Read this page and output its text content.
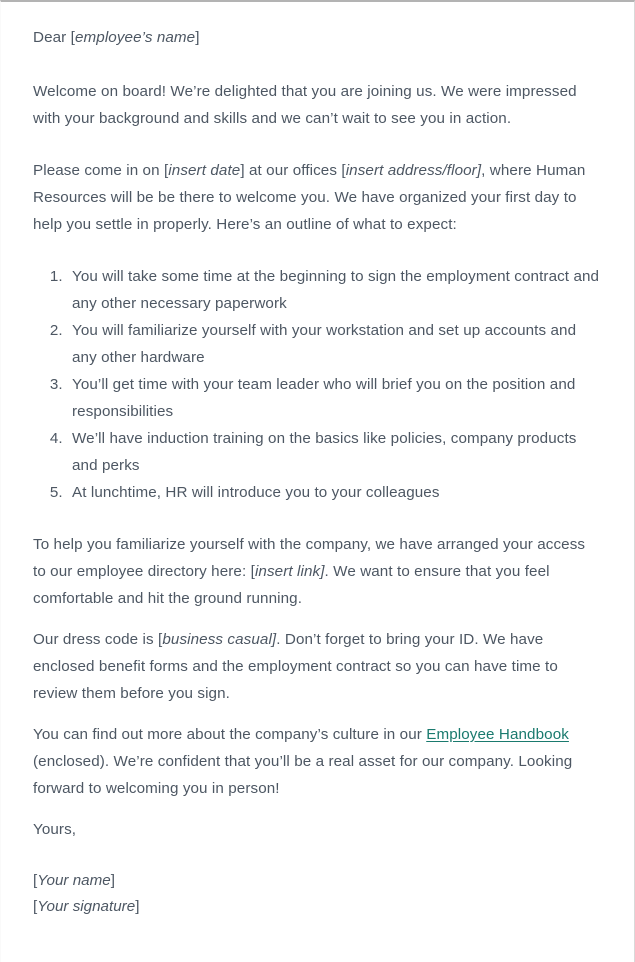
Dear [employee’s name]

Welcome on board! We’re delighted that you are joining us. We were impressed with your background and skills and we can’t wait to see you in action.

Please come in on [insert date] at our offices [insert address/floor], where Human Resources will be be there to welcome you. We have organized your first day to help you settle in properly. Here’s an outline of what to expect:

1. You will take some time at the beginning to sign the employment contract and any other necessary paperwork
2. You will familiarize yourself with your workstation and set up accounts and any other hardware
3. You’ll get time with your team leader who will brief you on the position and responsibilities
4. We’ll have induction training on the basics like policies, company products and perks
5. At lunchtime, HR will introduce you to your colleagues

To help you familiarize yourself with the company, we have arranged your access to our employee directory here: [insert link]. We want to ensure that you feel comfortable and hit the ground running.

Our dress code is [business casual]. Don’t forget to bring your ID. We have enclosed benefit forms and the employment contract so you can have time to review them before you sign.

You can find out more about the company’s culture in our Employee Handbook (enclosed). We’re confident that you’ll be a real asset for our company. Looking forward to welcoming you in person!

Yours,

[Your name]

[Your signature]
